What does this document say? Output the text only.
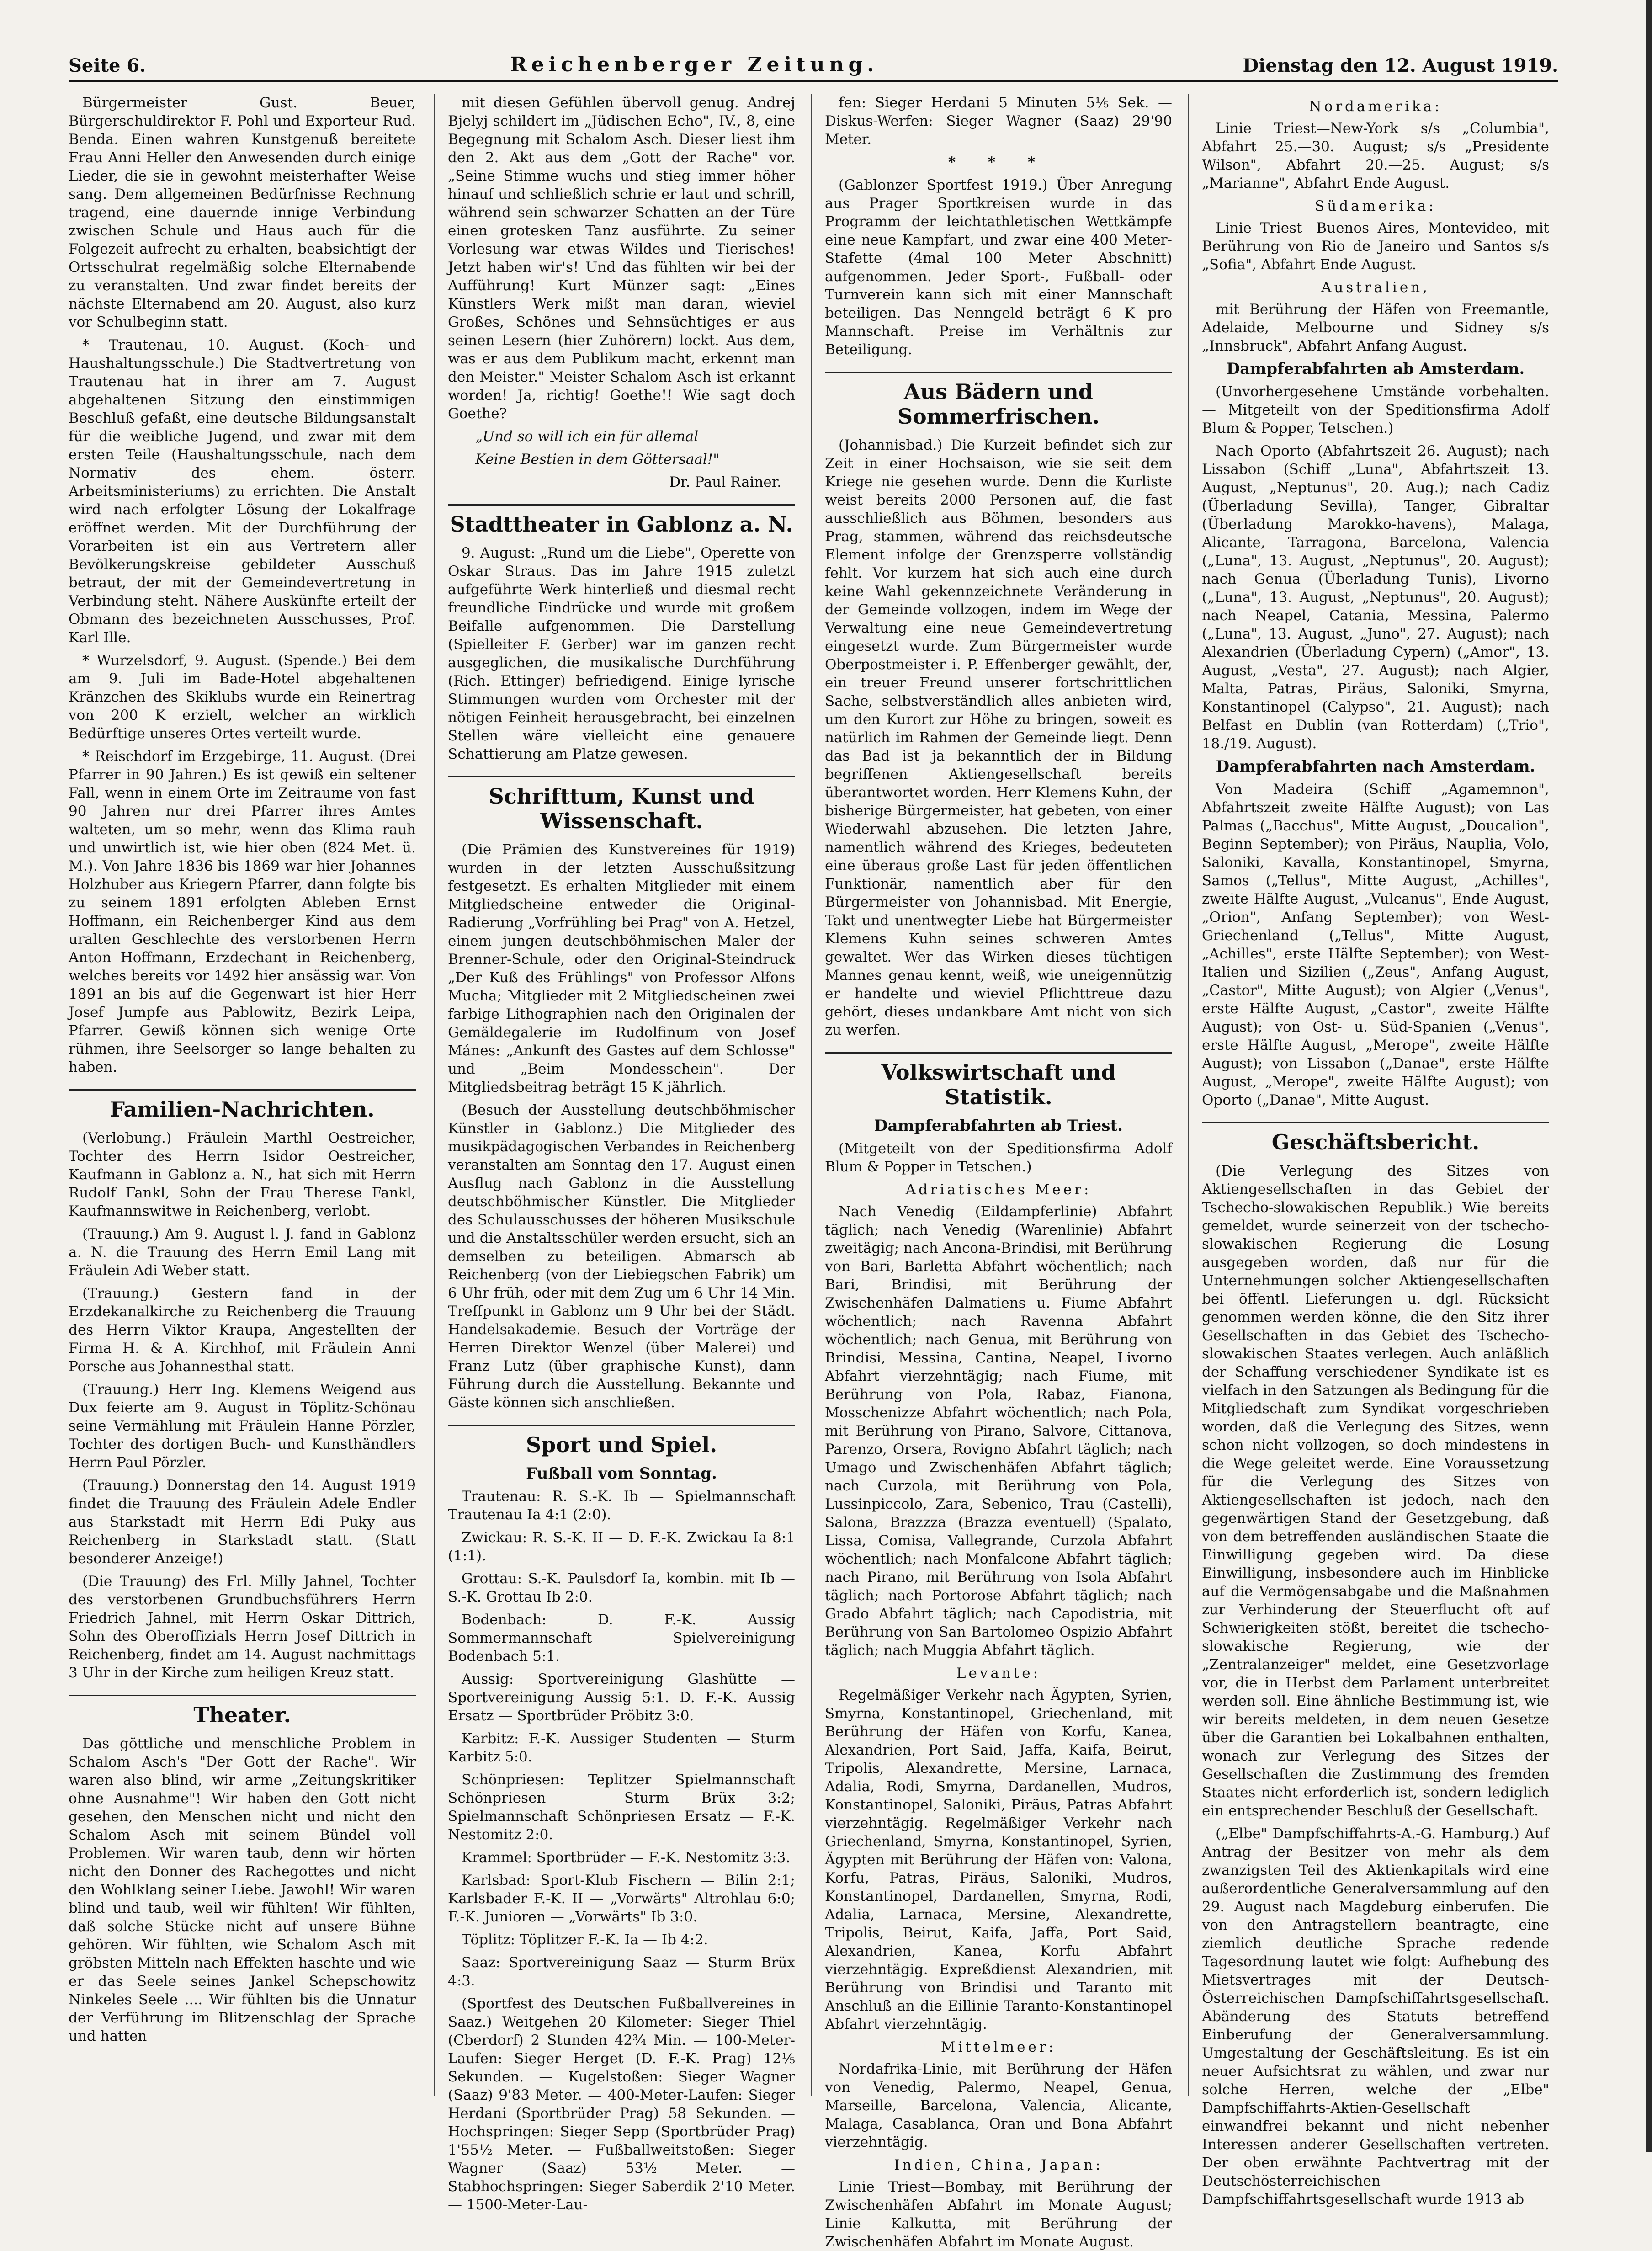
Seite 6.	Reichenberger Zeitung.	Dienstag den 12. August 1919.

Bürgermeister Gust. Beuer, Bürgerschuldirektor F. Pohl und Exporteur Rud. Benda. Einen wahren Kunstgenuß bereitete Frau Anni Heller den Anwesenden durch einige Lieder, die sie in gewohnt meisterhafter Weise sang. Dem allgemeinen Bedürfnisse Rechnung tragend, eine dauernde innige Verbindung zwischen Schule und Haus auch für die Folgezeit aufrecht zu erhalten, beabsichtigt der Ortsschulrat regelmäßig solche Elternabende zu veranstalten. Und zwar findet bereits der nächste Elternabend am 20. August, also kurz vor Schulbeginn statt.

* Trautenau, 10. August. (Koch- und Haushaltungsschule.) Die Stadtvertretung von Trautenau hat in ihrer am 7. August abgehaltenen Sitzung den einstimmigen Beschluß gefaßt, eine deutsche Bildungsanstalt für die weibliche Jugend, und zwar mit dem ersten Teile (Haushaltungsschule, nach dem Normativ des ehem. österr. Arbeitsministeriums) zu errichten. Die Anstalt wird nach erfolgter Lösung der Lokalfrage eröffnet werden. Mit der Durchführung der Vorarbeiten ist ein aus Vertretern aller Bevölkerungskreise gebildeter Ausschuß betraut, der mit der Gemeindevertretung in Verbindung steht. Nähere Auskünfte erteilt der Obmann des bezeichneten Ausschusses, Prof. Karl Ille.

* Wurzelsdorf, 9. August. (Spende.) Bei dem am 9. Juli im Bade-Hotel abgehaltenen Kränzchen des Skiklubs wurde ein Reinertrag von 200 K erzielt, welcher an wirklich Bedürftige unseres Ortes verteilt wurde.

* Reischdorf im Erzgebirge, 11. August. (Drei Pfarrer in 90 Jahren.) Es ist gewiß ein seltener Fall, wenn in einem Orte im Zeitraume von fast 90 Jahren nur drei Pfarrer ihres Amtes walteten, um so mehr, wenn das Klima rauh und unwirtlich ist, wie hier oben (824 Met. ü. M.). Von Jahre 1836 bis 1869 war hier Johannes Holzhuber aus Kriegern Pfarrer, dann folgte bis zu seinem 1891 erfolgten Ableben Ernst Hoffmann, ein Reichenberger Kind aus dem uralten Geschlechte des verstorbenen Herrn Anton Hoffmann, Erzdechant in Reichenberg, welches bereits vor 1492 hier ansässig war. Von 1891 an bis auf die Gegenwart ist hier Herr Josef Jumpfe aus Pablowitz, Bezirk Leipa, Pfarrer. Gewiß können sich wenige Orte rühmen, ihre Seelsorger so lange behalten zu haben.

Familien-Nachrichten.

(Verlobung.) Fräulein Marthl Oestreicher, Tochter des Herrn Isidor Oestreicher, Kaufmann in Gablonz a. N., hat sich mit Herrn Rudolf Fankl, Sohn der Frau Therese Fankl, Kaufmannswitwe in Reichenberg, verlobt.

(Trauung.) Am 9. August l. J. fand in Gablonz a. N. die Trauung des Herrn Emil Lang mit Fräulein Adi Weber statt.

(Trauung.) Gestern fand in der Erzdekanalkirche zu Reichenberg die Trauung des Herrn Viktor Kraupa, Angestellten der Firma H. & A. Kirchhof, mit Fräulein Anni Porsche aus Johannesthal statt.

(Trauung.) Herr Ing. Klemens Weigend aus Dux feierte am 9. August in Töplitz-Schönau seine Vermählung mit Fräulein Hanne Pörzler, Tochter des dortigen Buch- und Kunsthändlers Herrn Paul Pörzler.

(Trauung.) Donnerstag den 14. August 1919 findet die Trauung des Fräulein Adele Endler aus Starkstadt mit Herrn Edi Puky aus Reichenberg in Starkstadt statt. (Statt besonderer Anzeige!)

(Die Trauung) des Frl. Milly Jahnel, Tochter des verstorbenen Grundbuchsführers Herrn Friedrich Jahnel, mit Herrn Oskar Dittrich, Sohn des Oberoffizials Herrn Josef Dittrich in Reichenberg, findet am 14. August nachmittags 3 Uhr in der Kirche zum heiligen Kreuz statt.

Theater.

Das göttliche und menschliche Problem in Schalom Asch's "Der Gott der Rache". Wir waren also blind, wir arme „Zeitungskritiker ohne Ausnahme"! Wir haben den Gott nicht gesehen, den Menschen nicht und nicht den Schalom Asch mit seinem Bündel voll Problemen. Wir waren taub, denn wir hörten nicht den Donner des Rachegottes und nicht den Wohlklang seiner Liebe. Jawohl! Wir waren blind und taub, weil wir fühlten! Wir fühlten, daß solche Stücke nicht auf unsere Bühne gehören. Wir fühlten, wie Schalom Asch mit gröbsten Mitteln nach Effekten haschte und wie er das Seele seines Jankel Schepschowitz Ninkeles Seele .... Wir fühlten bis die Unnatur der Verführung im Blitzenschlag der Sprache und hatten

mit diesen Gefühlen übervoll genug. Andrej Bjelyj schildert im „Jüdischen Echo", IV., 8, eine Begegnung mit Schalom Asch. Dieser liest ihm den 2. Akt aus dem „Gott der Rache" vor. „Seine Stimme wuchs und stieg immer höher hinauf und schließlich schrie er laut und schrill, während sein schwarzer Schatten an der Türe einen grotesken Tanz ausführte. Zu seiner Vorlesung war etwas Wildes und Tierisches! Jetzt haben wir's! Und das fühlten wir bei der Aufführung! Kurt Münzer sagt: „Eines Künstlers Werk mißt man daran, wieviel Großes, Schönes und Sehnsüchtiges er aus seinen Lesern (hier Zuhörern) lockt. Aus dem, was er aus dem Publikum macht, erkennt man den Meister." Meister Schalom Asch ist erkannt worden! Ja, richtig! Goethe!! Wie sagt doch Goethe?

„Und so will ich ein für allemal

Keine Bestien in dem Göttersaal!"

Dr. Paul Rainer.

Stadttheater in Gablonz a. N.

9. August: „Rund um die Liebe", Operette von Oskar Straus. Das im Jahre 1915 zuletzt aufgeführte Werk hinterließ und diesmal recht freundliche Eindrücke und wurde mit großem Beifalle aufgenommen. Die Darstellung (Spielleiter F. Gerber) war im ganzen recht ausgeglichen, die musikalische Durchführung (Rich. Ettinger) befriedigend. Einige lyrische Stimmungen wurden vom Orchester mit der nötigen Feinheit herausgebracht, bei einzelnen Stellen wäre vielleicht eine genauere Schattierung am Platze gewesen.

Schrifttum, Kunst und Wissenschaft.

(Die Prämien des Kunstvereines für 1919) wurden in der letzten Ausschußsitzung festgesetzt. Es erhalten Mitglieder mit einem Mitgliedscheine entweder die Original-Radierung „Vorfrühling bei Prag" von A. Hetzel, einem jungen deutschböhmischen Maler der Brenner-Schule, oder den Original-Steindruck „Der Kuß des Frühlings" von Professor Alfons Mucha; Mitglieder mit 2 Mitgliedscheinen zwei farbige Lithographien nach den Originalen der Gemäldegalerie im Rudolfinum von Josef Mánes: „Ankunft des Gastes auf dem Schlosse" und „Beim Mondesschein". Der Mitgliedsbeitrag beträgt 15 K jährlich.

(Besuch der Ausstellung deutschböhmischer Künstler in Gablonz.) Die Mitglieder des musikpädagogischen Verbandes in Reichenberg veranstalten am Sonntag den 17. August einen Ausflug nach Gablonz in die Ausstellung deutschböhmischer Künstler. Die Mitglieder des Schulausschusses der höheren Musikschule und die Anstaltsschüler werden ersucht, sich an demselben zu beteiligen. Abmarsch ab Reichenberg (von der Liebiegschen Fabrik) um 6 Uhr früh, oder mit dem Zug um 6 Uhr 14 Min. Treffpunkt in Gablonz um 9 Uhr bei der Städt. Handelsakademie. Besuch der Vorträge der Herren Direktor Wenzel (über Malerei) und Franz Lutz (über graphische Kunst), dann Führung durch die Ausstellung. Bekannte und Gäste können sich anschließen.

Sport und Spiel.
Fußball vom Sonntag.

Trautenau: R. S.-K. Ib — Spielmannschaft Trautenau Ia 4:1 (2:0).

Zwickau: R. S.-K. II — D. F.-K. Zwickau Ia 8:1 (1:1).

Grottau: S.-K. Paulsdorf Ia, kombin. mit Ib — S.-K. Grottau Ib 2:0.

Bodenbach: D. F.-K. Aussig Sommermannschaft — Spielvereinigung Bodenbach 5:1.

Aussig: Sportvereinigung Glashütte — Sportvereinigung Aussig 5:1. D. F.-K. Aussig Ersatz — Sportbrüder Pröbitz 3:0.

Karbitz: F.-K. Aussiger Studenten — Sturm Karbitz 5:0.

Schönpriesen: Teplitzer Spielmannschaft Schönpriesen — Sturm Brüx 3:2; Spielmannschaft Schönpriesen Ersatz — F.-K. Nestomitz 2:0.

Krammel: Sportbrüder — F.-K. Nestomitz 3:3.

Karlsbad: Sport-Klub Fischern — Bilin 2:1; Karlsbader F.-K. II — „Vorwärts" Altrohlau 6:0; F.-K. Junioren — „Vorwärts" Ib 3:0.

Töplitz: Töplitzer F.-K. Ia — Ib 4:2.

Saaz: Sportvereinigung Saaz — Sturm Brüx 4:3.

(Sportfest des Deutschen Fußballvereines in Saaz.) Weitgehen 20 Kilometer: Sieger Thiel (Cberdorf) 2 Stunden 42¾ Min. — 100-Meter-Laufen: Sieger Herget (D. F.-K. Prag) 12⅕ Sekunden. — Kugelstoßen: Sieger Wagner (Saaz) 9'83 Meter. — 400-Meter-Laufen: Sieger Herdani (Sportbrüder Prag) 58 Sekunden. — Hochspringen: Sieger Sepp (Sportbrüder Prag) 1'55½ Meter. — Fußballweitstoßen: Sieger Wagner (Saaz) 53½ Meter. — Stabhochspringen: Sieger Saberdik 2'10 Meter. — 1500-Meter-Lau-

fen: Sieger Herdani 5 Minuten 5⅕ Sek. — Diskus-Werfen: Sieger Wagner (Saaz) 29'90 Meter.

* * *

(Gablonzer Sportfest 1919.) Über Anregung aus Prager Sportkreisen wurde in das Programm der leichtathletischen Wettkämpfe eine neue Kampfart, und zwar eine 400 Meter-Stafette (4mal 100 Meter Abschnitt) aufgenommen. Jeder Sport-, Fußball- oder Turnverein kann sich mit einer Mannschaft beteiligen. Das Nenngeld beträgt 6 K pro Mannschaft. Preise im Verhältnis zur Beteiligung.

Aus Bädern und Sommerfrischen.

(Johannisbad.) Die Kurzeit befindet sich zur Zeit in einer Hochsaison, wie sie seit dem Kriege nie gesehen wurde. Denn die Kurliste weist bereits 2000 Personen auf, die fast ausschließlich aus Böhmen, besonders aus Prag, stammen, während das reichsdeutsche Element infolge der Grenzsperre vollständig fehlt. Vor kurzem hat sich auch eine durch keine Wahl gekennzeichnete Veränderung in der Gemeinde vollzogen, indem im Wege der Verwaltung eine neue Gemeindevertretung eingesetzt wurde. Zum Bürgermeister wurde Oberpostmeister i. P. Effenberger gewählt, der, ein treuer Freund unserer fortschrittlichen Sache, selbstverständlich alles anbieten wird, um den Kurort zur Höhe zu bringen, soweit es natürlich im Rahmen der Gemeinde liegt. Denn das Bad ist ja bekanntlich der in Bildung begriffenen Aktiengesellschaft bereits überantwortet worden. Herr Klemens Kuhn, der bisherige Bürgermeister, hat gebeten, von einer Wiederwahl abzusehen. Die letzten Jahre, namentlich während des Krieges, bedeuteten eine überaus große Last für jeden öffentlichen Funktionär, namentlich aber für den Bürgermeister von Johannisbad. Mit Energie, Takt und unentwegter Liebe hat Bürgermeister Klemens Kuhn seines schweren Amtes gewaltet. Wer das Wirken dieses tüchtigen Mannes genau kennt, weiß, wie uneigennützig er handelte und wieviel Pflichttreue dazu gehört, dieses undankbare Amt nicht von sich zu werfen.

Volkswirtschaft und Statistik.
Dampferabfahrten ab Triest.

(Mitgeteilt von der Speditionsfirma Adolf Blum & Popper in Tetschen.)

Adriatisches Meer:

Nach Venedig (Eildampferlinie) Abfahrt täglich; nach Venedig (Warenlinie) Abfahrt zweitägig; nach Ancona-Brindisi, mit Berührung von Bari, Barletta Abfahrt wöchentlich; nach Bari, Brindisi, mit Berührung der Zwischenhäfen Dalmatiens u. Fiume Abfahrt wöchentlich; nach Ravenna Abfahrt wöchentlich; nach Genua, mit Berührung von Brindisi, Messina, Cantina, Neapel, Livorno Abfahrt vierzehntägig; nach Fiume, mit Berührung von Pola, Rabaz, Fianona, Mosschenizze Abfahrt wöchentlich; nach Pola, mit Berührung von Pirano, Salvore, Cittanova, Parenzo, Orsera, Rovigno Abfahrt täglich; nach Umago und Zwischenhäfen Abfahrt täglich; nach Curzola, mit Berührung von Pola, Lussinpiccolo, Zara, Sebenico, Trau (Castelli), Salona, Brazzza (Brazza eventuell) (Spalato, Lissa, Comisa, Vallegrande, Curzola Abfahrt wöchentlich; nach Monfalcone Abfahrt täglich; nach Pirano, mit Berührung von Isola Abfahrt täglich; nach Portorose Abfahrt täglich; nach Grado Abfahrt täglich; nach Capodistria, mit Berührung von San Bartolomeo Ospizio Abfahrt täglich; nach Muggia Abfahrt täglich.

Levante:

Regelmäßiger Verkehr nach Ägypten, Syrien, Smyrna, Konstantinopel, Griechenland, mit Berührung der Häfen von Korfu, Kanea, Alexandrien, Port Said, Jaffa, Kaifa, Beirut, Tripolis, Alexandrette, Mersine, Larnaca, Adalia, Rodi, Smyrna, Dardanellen, Mudros, Konstantinopel, Saloniki, Piräus, Patras Abfahrt vierzehntägig. Regelmäßiger Verkehr nach Griechenland, Smyrna, Konstantinopel, Syrien, Ägypten mit Berührung der Häfen von: Valona, Korfu, Patras, Piräus, Saloniki, Mudros, Konstantinopel, Dardanellen, Smyrna, Rodi, Adalia, Larnaca, Mersine, Alexandrette, Tripolis, Beirut, Kaifa, Jaffa, Port Said, Alexandrien, Kanea, Korfu Abfahrt vierzehntägig. Expreßdienst Alexandrien, mit Berührung von Brindisi und Taranto mit Anschluß an die Eillinie Taranto-Konstantinopel Abfahrt vierzehntägig.

Mittelmeer:

Nordafrika-Linie, mit Berührung der Häfen von Venedig, Palermo, Neapel, Genua, Marseille, Barcelona, Valencia, Alicante, Malaga, Casablanca, Oran und Bona Abfahrt vierzehntägig.

Indien, China, Japan:

Linie Triest—Bombay, mit Berührung der Zwischenhäfen Abfahrt im Monate August; Linie Kalkutta, mit Berührung der Zwischenhäfen Abfahrt im Monate August.

Nordamerika:

Linie Triest—New-York s/s „Columbia", Abfahrt 25.—30. August; s/s „Presidente Wilson", Abfahrt 20.—25. August; s/s „Marianne", Abfahrt Ende August.

Südamerika:

Linie Triest—Buenos Aires, Montevideo, mit Berührung von Rio de Janeiro und Santos s/s „Sofia", Abfahrt Ende August.

Australien,

mit Berührung der Häfen von Freemantle, Adelaide, Melbourne und Sidney s/s „Innsbruck", Abfahrt Anfang August.

Dampferabfahrten ab Amsterdam.

(Unvorhergesehene Umstände vorbehalten. — Mitgeteilt von der Speditionsfirma Adolf Blum & Popper, Tetschen.)

Nach Oporto (Abfahrtszeit 26. August); nach Lissabon (Schiff „Luna", Abfahrtszeit 13. August, „Neptunus", 20. Aug.); nach Cadiz (Überladung Sevilla), Tanger, Gibraltar (Überladung Marokko-havens), Malaga, Alicante, Tarragona, Barcelona, Valencia („Luna", 13. August, „Neptunus", 20. August); nach Genua (Überladung Tunis), Livorno („Luna", 13. August, „Neptunus", 20. August); nach Neapel, Catania, Messina, Palermo („Luna", 13. August, „Juno", 27. August); nach Alexandrien (Überladung Cypern) („Amor", 13. August, „Vesta", 27. August); nach Algier, Malta, Patras, Piräus, Saloniki, Smyrna, Konstantinopel (Calypso", 21. August); nach Belfast en Dublin (van Rotterdam) („Trio", 18./19. August).

Dampferabfahrten nach Amsterdam.

Von Madeira (Schiff „Agamemnon", Abfahrtszeit zweite Hälfte August); von Las Palmas („Bacchus", Mitte August, „Doucalion", Beginn September); von Piräus, Nauplia, Volo, Saloniki, Kavalla, Konstantinopel, Smyrna, Samos („Tellus", Mitte August, „Achilles", zweite Hälfte August, „Vulcanus", Ende August, „Orion", Anfang September); von West-Griechenland („Tellus", Mitte August, „Achilles", erste Hälfte September); von West-Italien und Sizilien („Zeus", Anfang August, „Castor", Mitte August); von Algier („Venus", erste Hälfte August, „Castor", zweite Hälfte August); von Ost- u. Süd-Spanien („Venus", erste Hälfte August, „Merope", zweite Hälfte August); von Lissabon („Danae", erste Hälfte August, „Merope", zweite Hälfte August); von Oporto („Danae", Mitte August.

Geschäftsbericht.

(Die Verlegung des Sitzes von Aktiengesellschaften in das Gebiet der Tschecho-slowakischen Republik.) Wie bereits gemeldet, wurde seinerzeit von der tschecho-slowakischen Regierung die Losung ausgegeben worden, daß nur für die Unternehmungen solcher Aktiengesellschaften bei öffentl. Lieferungen u. dgl. Rücksicht genommen werden könne, die den Sitz ihrer Gesellschaften in das Gebiet des Tschecho-slowakischen Staates verlegen. Auch anläßlich der Schaffung verschiedener Syndikate ist es vielfach in den Satzungen als Bedingung für die Mitgliedschaft zum Syndikat vorgeschrieben worden, daß die Verlegung des Sitzes, wenn schon nicht vollzogen, so doch mindestens in die Wege geleitet werde. Eine Voraussetzung für die Verlegung des Sitzes von Aktiengesellschaften ist jedoch, nach den gegenwärtigen Stand der Gesetzgebung, daß von dem betreffenden ausländischen Staate die Einwilligung gegeben wird. Da diese Einwilligung, insbesondere auch im Hinblicke auf die Vermögensabgabe und die Maßnahmen zur Verhinderung der Steuerflucht oft auf Schwierigkeiten stößt, bereitet die tschecho-slowakische Regierung, wie der „Zentralanzeiger" meldet, eine Gesetzvorlage vor, die in Herbst dem Parlament unterbreitet werden soll. Eine ähnliche Bestimmung ist, wie wir bereits meldeten, in dem neuen Gesetze über die Garantien bei Lokalbahnen enthalten, wonach zur Verlegung des Sitzes der Gesellschaften die Zustimmung des fremden Staates nicht erforderlich ist, sondern lediglich ein entsprechender Beschluß der Gesellschaft.

(„Elbe" Dampfschiffahrts-A.-G. Hamburg.) Auf Antrag der Besitzer von mehr als dem zwanzigsten Teil des Aktienkapitals wird eine außerordentliche Generalversammlung auf den 29. August nach Magdeburg einberufen. Die von den Antragstellern beantragte, eine ziemlich deutliche Sprache redende Tagesordnung lautet wie folgt: Aufhebung des Mietsvertrages mit der Deutsch-Österreichischen Dampfschiffahrtsgesellschaft. Abänderung des Statuts betreffend Einberufung der Generalversammlung. Umgestaltung der Geschäftsleitung. Es ist ein neuer Aufsichtsrat zu wählen, und zwar nur solche Herren, welche der „Elbe" Dampfschiffahrts-Aktien-Gesellschaft einwandfrei bekannt und nicht nebenher Interessen anderer Gesellschaften vertreten. Der oben erwähnte Pachtvertrag mit der Deutschösterreichischen Dampfschiffahrtsgesellschaft wurde 1913 ab
